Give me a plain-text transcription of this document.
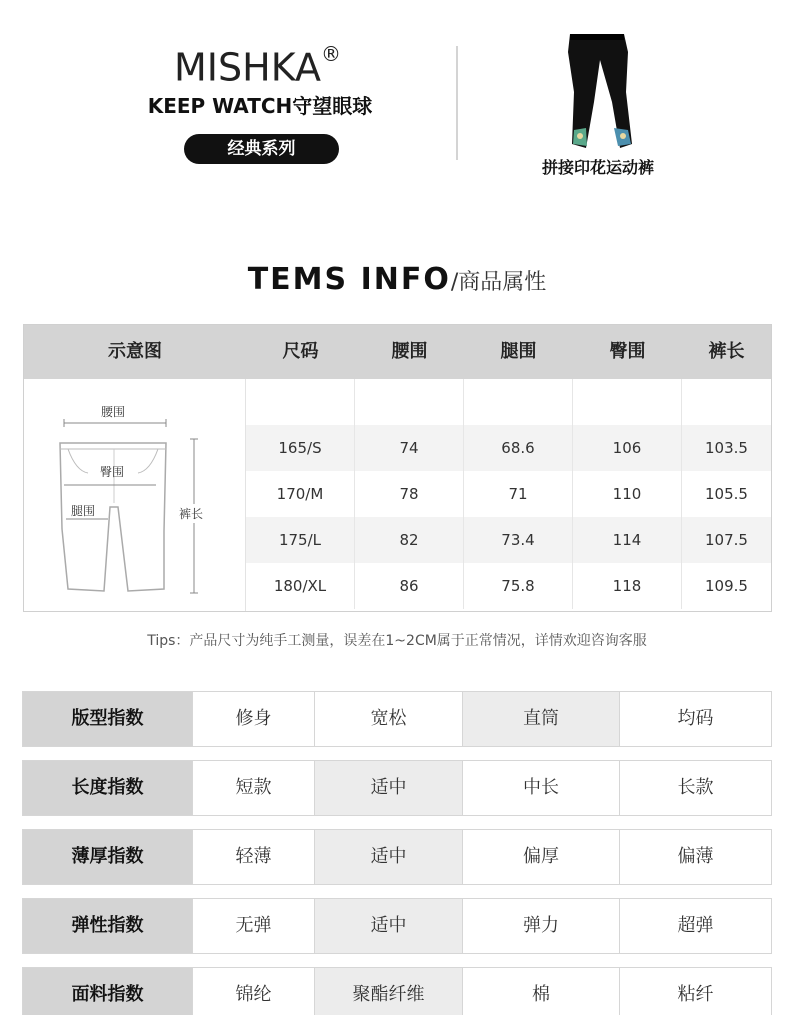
MISHKA®
KEEP WATCH守望眼球
经典系列
拼接印花运动裤
TEMS INFO/商品属性
示意图	尺码	腰围	腿围	臀围	裤长
腰围
臀围
腿围	裤长
165/S	74	68.6	106	103.5
170/M	78	71	110	105.5
175/L	82	73.4	114	107.5
180/XL	86	75.8	118	109.5
Tips：产品尺寸为纯手工测量，误差在1~2CM属于正常情况，详情欢迎咨询客服
版型指数	修身	宽松	直筒	均码
长度指数	短款	适中	中长	长款
薄厚指数	轻薄	适中	偏厚	偏薄
弹性指数	无弹	适中	弹力	超弹
面料指数	锦纶	聚酯纤维	棉	粘纤
